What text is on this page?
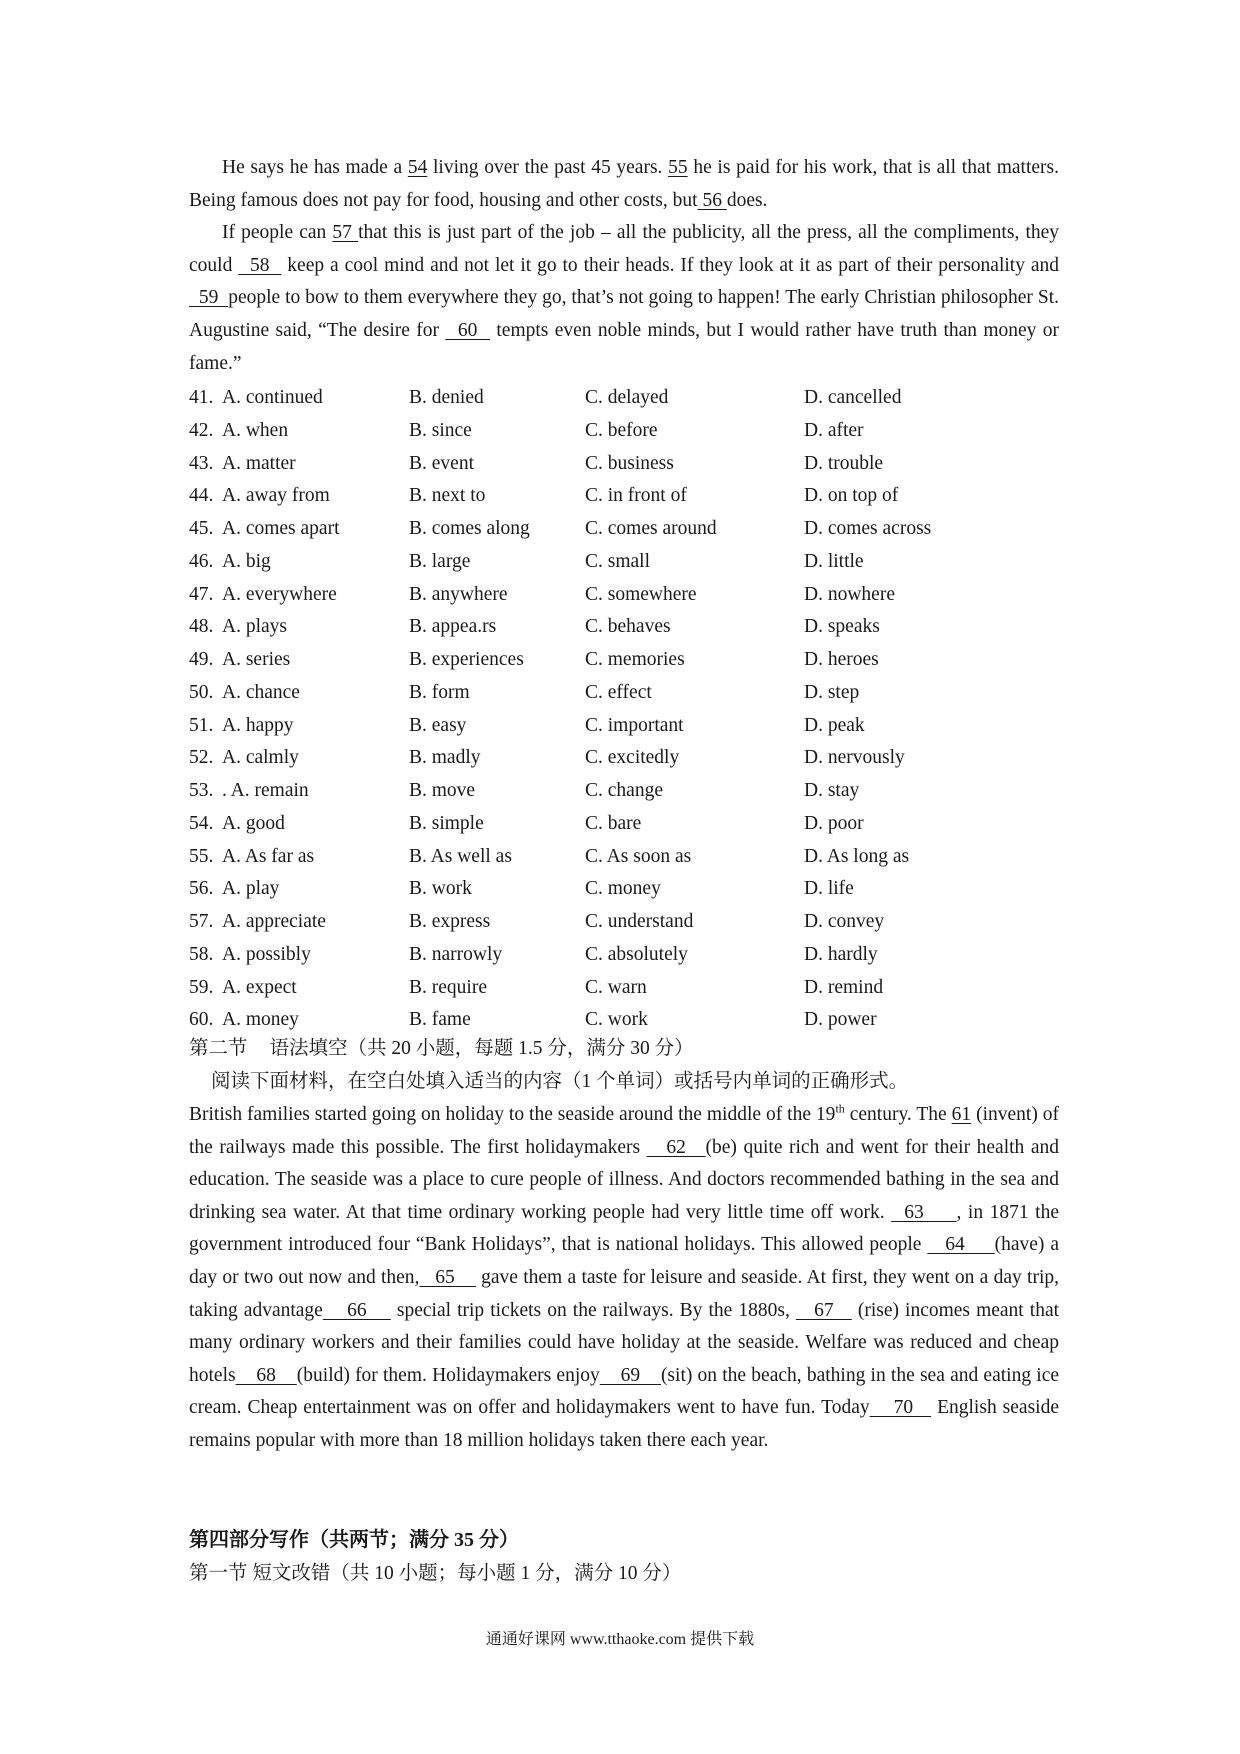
He says he has made a 54 living over the past 45 years. 55 he is paid for his work, that is all that matters. Being famous does not pay for food, housing and other costs, but 56 does.

If people can 57 that this is just part of the job – all the publicity, all the press, all the compliments, they could   58   keep a cool mind and not let it go to their heads. If they look at it as part of their personality and   59  people to bow to them everywhere they go, that’s not going to happen! The early Christian philosopher St. Augustine said, “The desire for   60   tempts even noble minds, but I would rather have truth than money or fame.”

41. A. continued	B. denied	C. delayed	D. cancelled
42. A. when	B. since	C. before	D. after
43. A. matter	B. event	C. business	D. trouble
44. A. away from	B. next to	C. in front of	D. on top of
45. A. comes apart	B. comes along	C. comes around	D. comes across
46. A. big	B. large	C. small	D. little
47. A. everywhere	B. anywhere	C. somewhere	D. nowhere
48. A. plays	B. appea.rs	C. behaves	D. speaks
49. A. series	B. experiences	C. memories	D. heroes
50. A. chance	B. form	C. effect	D. step
51. A. happy	B. easy	C. important	D. peak
52. A. calmly	B. madly	C. excitedly	D. nervously
53. . A. remain	B. move	C. change	D. stay
54. A. good	B. simple	C. bare	D. poor
55. A. As far as	B. As well as	C. As soon as	D. As long as
56. A. play	B. work	C. money	D. life
57. A. appreciate	B. express	C. understand	D. convey
58. A. possibly	B. narrowly	C. absolutely	D. hardly
59. A. expect	B. require	C. warn	D. remind
60. A. money	B. fame	C. work	D. power
第二节 语法填空（共 20 小题，每题 1.5 分，满分 30 分）
阅读下面材料，在空白处填入适当的内容（1 个单词）或括号内单词的正确形式。

British families started going on holiday to the seaside around the middle of the 19th century. The 61 (invent) of the railways made this possible. The first holidaymakers    62   (be) quite rich and went for their health and education. The seaside was a place to cure people of illness. And doctors recommended bathing in the sea and drinking sea water. At that time ordinary working people had very little time off work.   63     , in 1871 the government introduced four “Bank Holidays”, that is national holidays. This allowed people    64     (have) a day or two out now and then,   65     gave them a taste for leisure and seaside. At first, they went on a day trip, taking advantage    66     special trip tickets on the railways. By the 1880s,    67    (rise) incomes meant that many ordinary workers and their families could have holiday at the seaside. Welfare was reduced and cheap hotels    68    (build) for them. Holidaymakers enjoy    69    (sit) on the beach, bathing in the sea and eating ice cream. Cheap entertainment was on offer and holidaymakers went to have fun. Today    70    English seaside remains popular with more than 18 million holidays taken there each year.

第四部分写作（共两节；满分 35 分）
第一节 短文改错（共 10 小题；每小题 1 分，满分 10 分）
通通好课网 www.tthaoke.com 提供下载
